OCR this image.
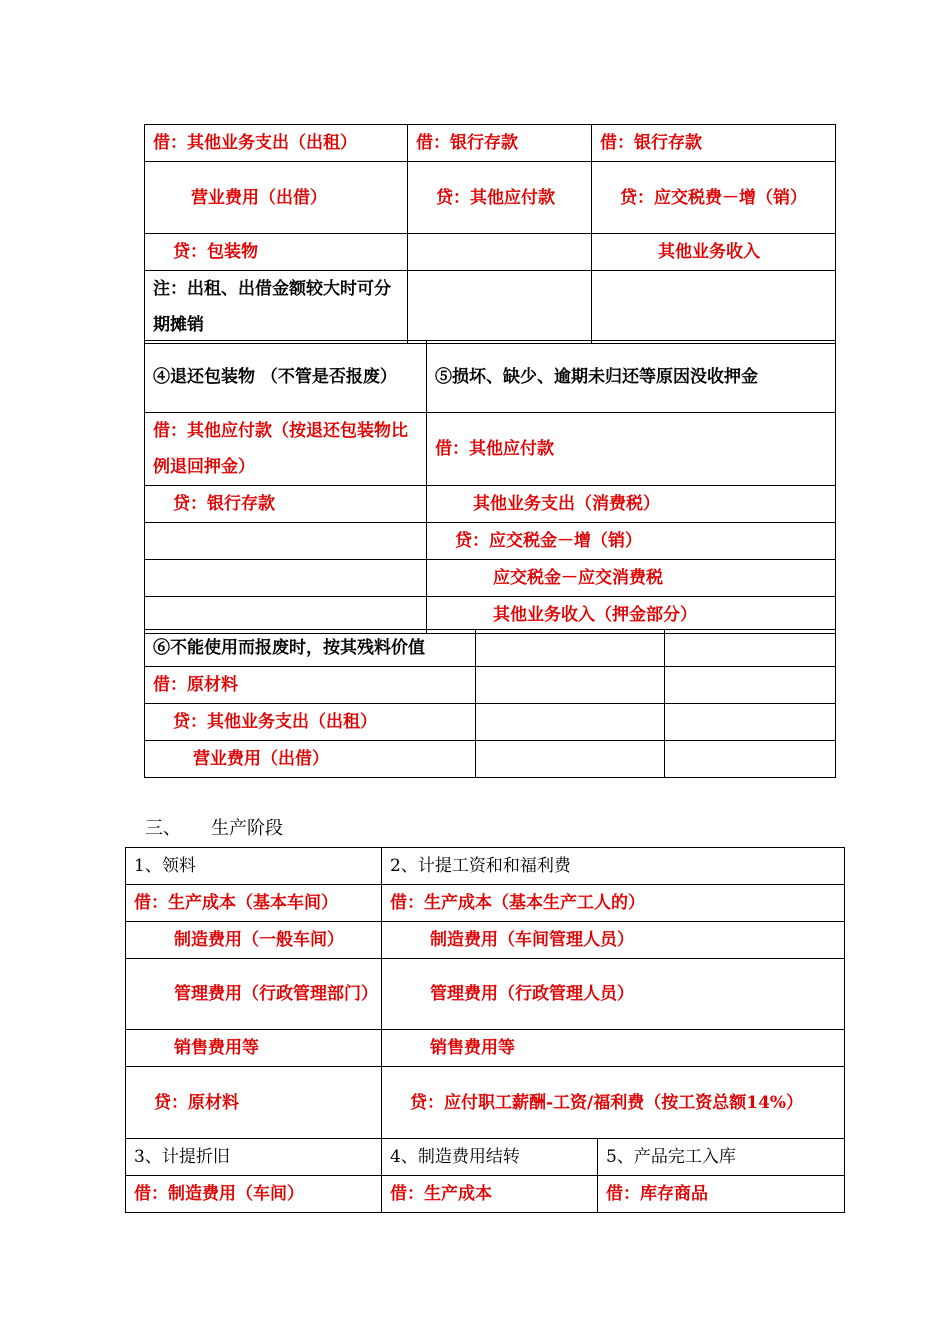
借：其他业务支出（出租）	借：银行存款	借：银行存款
营业费用（出借）	贷：其他应付款	贷：应交税费－增（销）
贷：包装物		其他业务收入
注：出租、出借金额较大时可分期摊销		
④退还包装物 （不管是否报废）	⑤损坏、缺少、逾期未归还等原因没收押金
借：其他应付款（按退还包装物比例退回押金）	借：其他应付款
贷：银行存款	其他业务支出（消费税）
	贷：应交税金－增（销）
	应交税金－应交消费税
	其他业务收入（押金部分）
⑥不能使用而报废时，按其残料价值		
借：原材料		
贷：其他业务支出（出租）		
营业费用（出借）		
三、 生产阶段
1、领料	2、计提工资和和福利费	
借：生产成本（基本车间）	借：生产成本（基本生产工人的）	
制造费用（一般车间）	制造费用（车间管理人员）	
管理费用（行政管理部门）	管理费用（行政管理人员）	
销售费用等	销售费用等	
贷：原材料	贷：应付职工薪酬-工资/福利费（按工资总额14%）	
3、计提折旧	4、制造费用结转	5、产品完工入库
借：制造费用（车间）	借：生产成本	借：库存商品
